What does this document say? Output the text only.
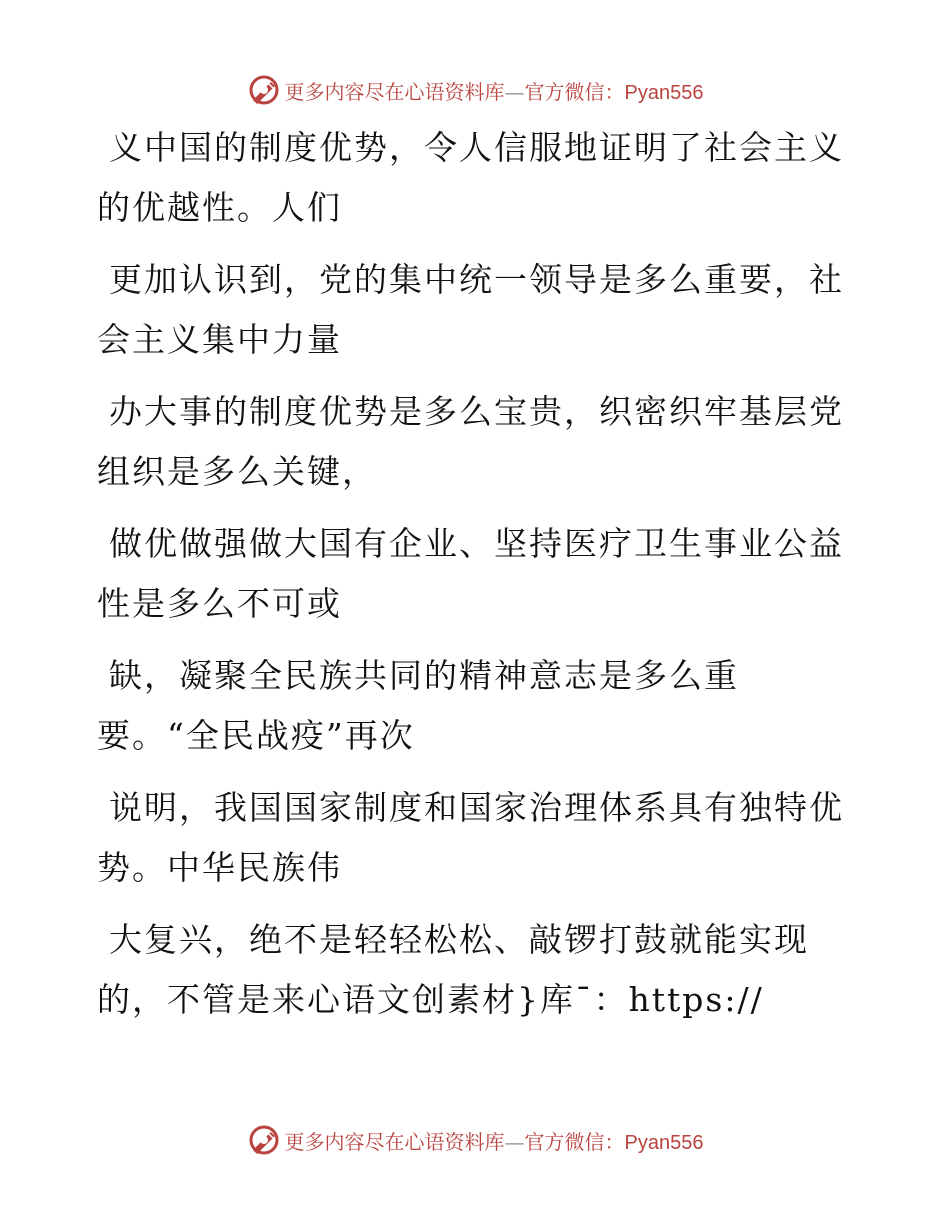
更多内容尽在心语资料库—官方微信：Pyan556
义中国的制度优势，令人信服地证明了社会主义
的优越性。人们
更加认识到，党的集中统一领导是多么重要，社
会主义集中力量
办大事的制度优势是多么宝贵，织密织牢基层党
组织是多么关键，
做优做强做大国有企业、坚持医疗卫生事业公益
性是多么不可或
缺，凝聚全民族共同的精神意志是多么重
要。“全民战疫”再次
说明，我国国家制度和国家治理体系具有独特优
势。中华民族伟
大复兴，绝不是轻轻松松、敲锣打鼓就能实现
的，不管是来心语文创素材}库¯：https://
更多内容尽在心语资料库—官方微信：Pyan556
